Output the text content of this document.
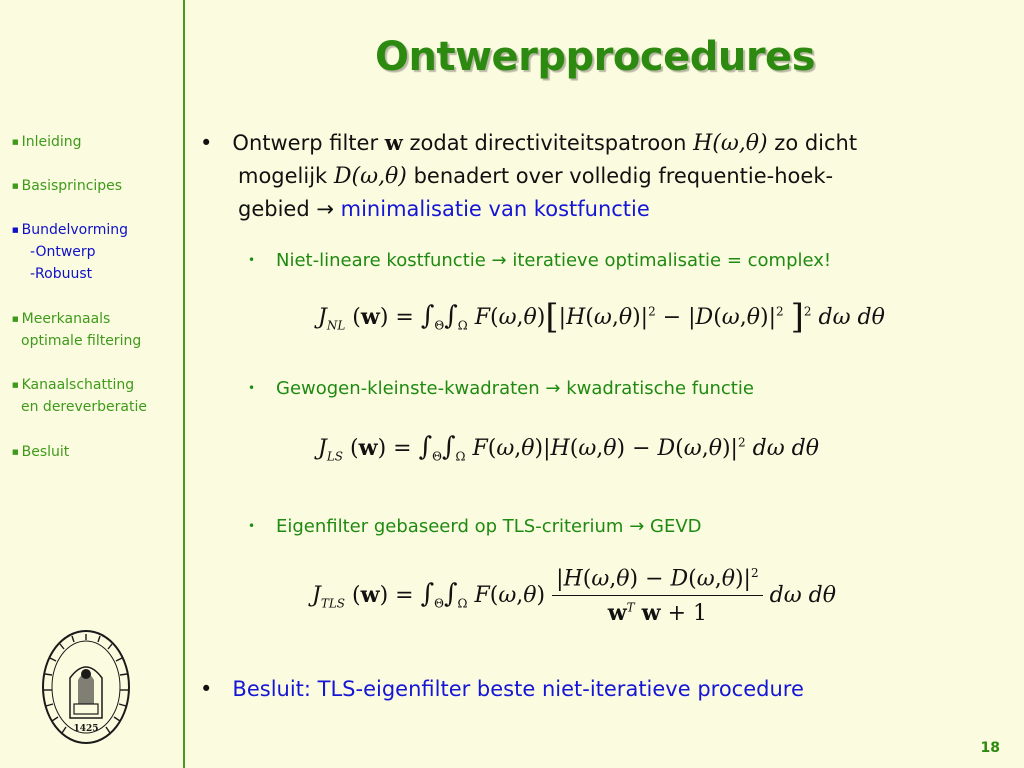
Ontwerpprocedures
■ Inleiding
■ Basisprincipes
■ Bundelvorming
-Ontwerp
-Robuust
■ Meerkanaals
optimale filtering
■ Kanaalschatting
en dereverberatie
■ Besluit
1425
• Ontwerp filter w zodat directiviteitspatroon H(ω,θ) zo dicht
mogelijk D(ω,θ) benadert over volledig frequentie-hoek-
gebied → minimalisatie van kostfunctie
• Niet-lineare kostfunctie → iteratieve optimalisatie = complex!
$J_{NL}$ $(w) = \int_\Theta\int_\Omega$ $F(\omega,\theta)[|H(\omega,\theta)|^2 - |D(\omega,\theta)|^2$ ]$^2$ dω dθ
• Gewogen-kleinste-kwadraten → kwadratische functie
$J_{LS}$ $(w) = \int_\Theta\int_\Omega$ $F(\omega,\theta)|H(\omega,\theta) - D(\omega,\theta)|^2$ dω dθ
• Eigenfilter gebaseerd op TLS-criterium → GEVD
$J_{TLS}$ $(w) = \int_\Theta\int_\Omega$ $F(\omega,\theta) \frac{|H(\omega,\theta) - D(\omega,\theta)|^2}{w^T w + 1}$ dω dθ
• Besluit: TLS-eigenfilter beste niet-iteratieve procedure
18
